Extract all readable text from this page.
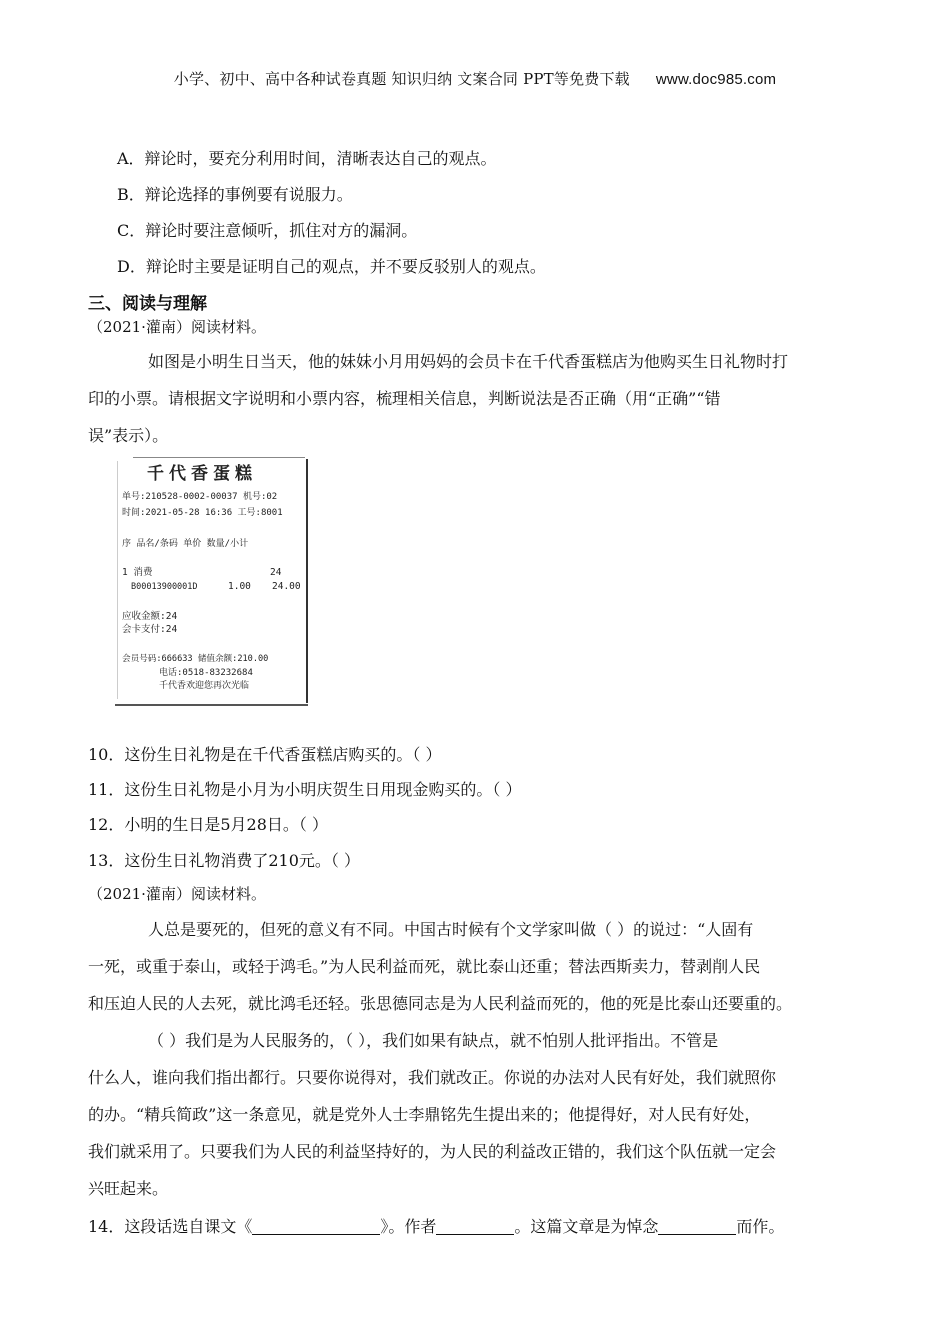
小学、初中、高中各种试卷真题 知识归纳 文案合同 PPT等免费下载 www.doc985.com
A．辩论时，要充分利用时间，清晰表达自己的观点。
B．辩论选择的事例要有说服力。
C．辩论时要注意倾听，抓住对方的漏洞。
D．辩论时主要是证明自己的观点，并不要反驳别人的观点。
三、阅读与理解
（2021·灌南）阅读材料。
如图是小明生日当天，他的妹妹小月用妈妈的会员卡在千代香蛋糕店为他购买生日礼物时打
印的小票。请根据文字说明和小票内容，梳理相关信息，判断说法是否正确（用“正确”“错
误”表示）。
千代香蛋糕
单号:210528-0002-00037 机号:02
时间:2021-05-28 16:36 工号:8001
序 品名/条码 单价 数量/小计
1 消费	24
B00013900001D	1.00 24.00
应收金额:24
会卡支付:24
会员号码:666633 储值余额:210.00
电话:0518-83232684
千代香欢迎您再次光临
10．这份生日礼物是在千代香蛋糕店购买的。（ ）
11．这份生日礼物是小月为小明庆贺生日用现金购买的。（ ）
12．小明的生日是5月28日。（ ）
13．这份生日礼物消费了210元。（ ）
（2021·灌南）阅读材料。
人总是要死的，但死的意义有不同。中国古时候有个文学家叫做（ ）的说过：“人固有
一死，或重于泰山，或轻于鸿毛。”为人民利益而死，就比泰山还重；替法西斯卖力，替剥削人民
和压迫人民的人去死，就比鸿毛还轻。张思德同志是为人民利益而死的，他的死是比泰山还要重的。
（ ）我们是为人民服务的，（ ），我们如果有缺点，就不怕别人批评指出。不管是
什么人，谁向我们指出都行。只要你说得对，我们就改正。你说的办法对人民有好处，我们就照你
的办。“精兵简政”这一条意见，就是党外人士李鼎铭先生提出来的；他提得好，对人民有好处，
我们就采用了。只要我们为人民的利益坚持好的，为人民的利益改正错的，我们这个队伍就一定会
兴旺起来。
14．这段话选自课文《	》。作者	。这篇文章是为悼念	而作。
